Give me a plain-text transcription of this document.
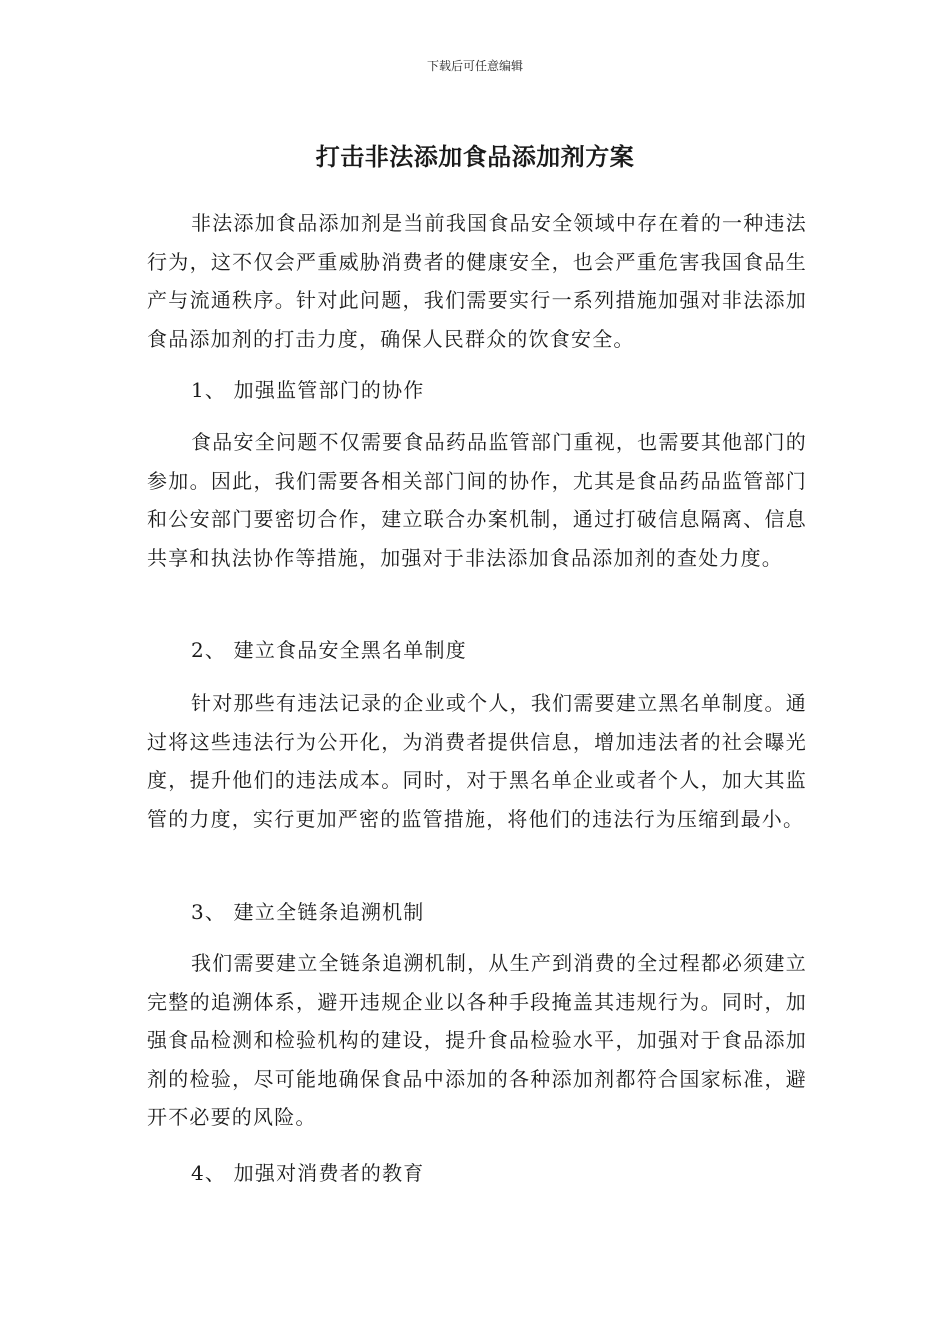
下载后可任意编辑
打击非法添加食品添加剂方案

非法添加食品添加剂是当前我国食品安全领域中存在着的一种违法行为，这不仅会严重威胁消费者的健康安全，也会严重危害我国食品生产与流通秩序。针对此问题，我们需要实行一系列措施加强对非法添加食品添加剂的打击力度，确保人民群众的饮食安全。

1、 加强监管部门的协作

食品安全问题不仅需要食品药品监管部门重视，也需要其他部门的参加。因此，我们需要各相关部门间的协作，尤其是食品药品监管部门和公安部门要密切合作，建立联合办案机制，通过打破信息隔离、信息共享和执法协作等措施，加强对于非法添加食品添加剂的查处力度。

2、 建立食品安全黑名单制度

针对那些有违法记录的企业或个人，我们需要建立黑名单制度。通过将这些违法行为公开化，为消费者提供信息，增加违法者的社会曝光度，提升他们的违法成本。同时，对于黑名单企业或者个人，加大其监管的力度，实行更加严密的监管措施，将他们的违法行为压缩到最小。

3、 建立全链条追溯机制

我们需要建立全链条追溯机制，从生产到消费的全过程都必须建立完整的追溯体系，避开违规企业以各种手段掩盖其违规行为。同时，加强食品检测和检验机构的建设，提升食品检验水平，加强对于食品添加剂的检验，尽可能地确保食品中添加的各种添加剂都符合国家标准，避开不必要的风险。

4、 加强对消费者的教育
